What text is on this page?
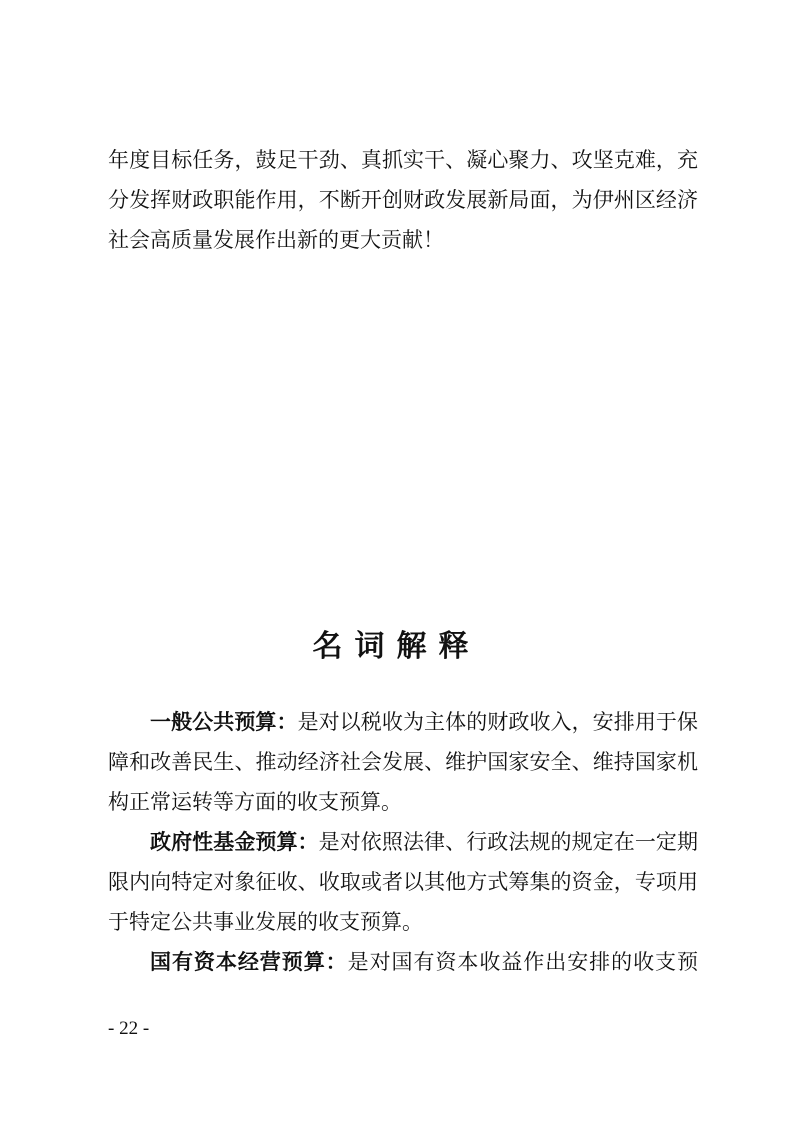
年度目标任务，鼓足干劲、真抓实干、凝心聚力、攻坚克难，充
分发挥财政职能作用，不断开创财政发展新局面，为伊州区经济
社会高质量发展作出新的更大贡献！
名词解释
一般公共预算：是对以税收为主体的财政收入，安排用于保
障和改善民生、推动经济社会发展、维护国家安全、维持国家机
构正常运转等方面的收支预算。
政府性基金预算：是对依照法律、行政法规的规定在一定期
限内向特定对象征收、收取或者以其他方式筹集的资金，专项用
于特定公共事业发展的收支预算。
国有资本经营预算：是对国有资本收益作出安排的收支预
- 22 -
